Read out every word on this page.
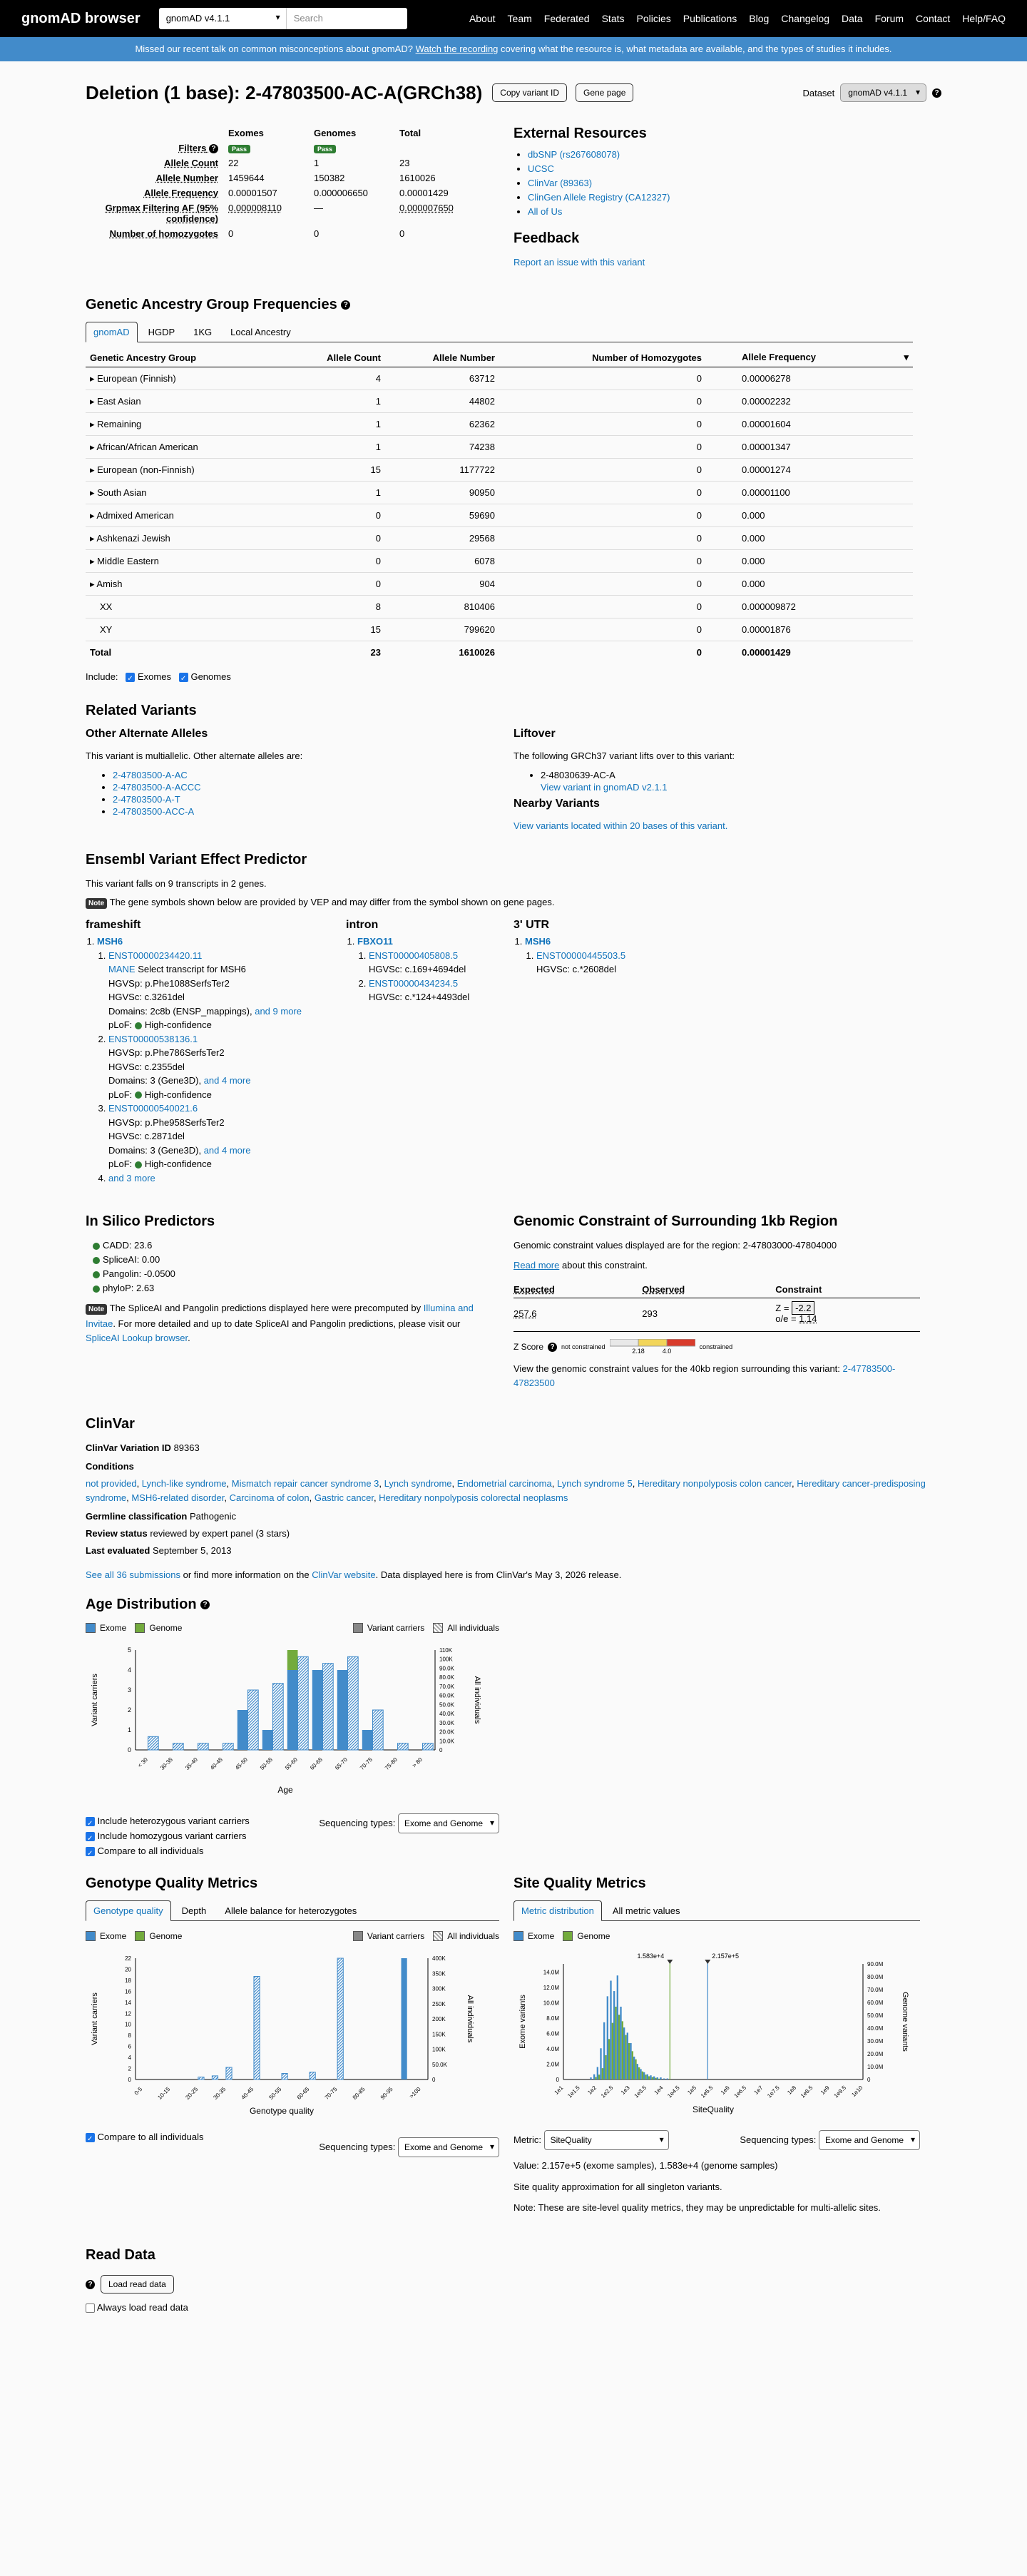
gnomAD browser	gnomAD v4.1.1 ▾	Search	About Team Federated Stats Policies Publications Blog Changelog Data Forum Contact Help/FAQ
Missed our recent talk on common misconceptions about gnomAD? Watch the recording covering what the resource is, what metadata are available, and the types of studies it includes.
Deletion (1 base): 2-47803500-AC-A(GRCh38)	Copy variant ID	Gene page	Dataset	gnomAD v4.1.1 ▾	?
	Exomes	Genomes	Total
Filters ?	Pass	Pass	
Allele Count	22	1	23
Allele Number	1459644	150382	1610026
Allele Frequency	0.00001507	0.000006650	0.00001429
Grpmax Filtering AF (95% confidence)	0.000008110	—	0.000007650
Number of homozygotes	0	0	0
External Resources
• dbSNP (rs267608078)
• UCSC
• ClinVar (89363)
• ClinGen Allele Registry (CA12327)
• All of Us
Feedback
Report an issue with this variant
Genetic Ancestry Group Frequencies ?
gnomAD	HGDP	1KG	Local Ancestry
Genetic Ancestry Group	Allele Count	Allele Number	Number of Homozygotes	Allele Frequency ▾

▸ European (Finnish)	4	63712	0	0.00006278
▸ East Asian	1	44802	0	0.00002232
▸ Remaining	1	62362	0	0.00001604
▸ African/African American	1	74238	0	0.00001347
▸ European (non-Finnish)	15	1177722	0	0.00001274
▸ South Asian	1	90950	0	0.00001100
▸ Admixed American	0	59690	0	0.000
▸ Ashkenazi Jewish	0	29568	0	0.000
▸ Middle Eastern	0	6078	0	0.000
▸ Amish	0	904	0	0.000
XX	8	810406	0	0.000009872
XY	15	799620	0	0.00001876
Total	23	1610026	0	0.00001429
Include: ✓ Exomes ✓ Genomes
Related Variants
Other Alternate Alleles
This variant is multiallelic. Other alternate alleles are:
• 2-47803500-A-AC
• 2-47803500-A-ACCC
• 2-47803500-A-T
• 2-47803500-ACC-A
Liftover
The following GRCh37 variant lifts over to this variant:
• 2-48030639-AC-A
View variant in gnomAD v2.1.1
Nearby Variants
View variants located within 20 bases of this variant.
Ensembl Variant Effect Predictor
This variant falls on 9 transcripts in 2 genes.
Note The gene symbols shown below are provided by VEP and may differ from the symbol shown on gene pages.
frameshift
1. MSH6
1. ENST00000234420.11
MANE Select transcript for MSH6
HGVSp: p.Phe1088SerfsTer2
HGVSc: c.3261del
Domains: 2c8b (ENSP_mappings), and 9 more
pLoF: High-confidence
2. ENST00000538136.1
HGVSp: p.Phe786SerfsTer2
HGVSc: c.2355del
Domains: 3 (Gene3D), and 4 more
pLoF: High-confidence
3. ENST00000540021.6
HGVSp: p.Phe958SerfsTer2
HGVSc: c.2871del
Domains: 3 (Gene3D), and 4 more
pLoF: High-confidence
4. and 3 more
intron
1. FBXO11
1. ENST00000405808.5
HGVSc: c.169+4694del
2. ENST00000434234.5
HGVSc: c.*124+4493del
3' UTR
1. MSH6
1. ENST00000445503.5
HGVSc: c.*2608del
In Silico Predictors
CADD: 23.6
SpliceAI: 0.00
Pangolin: -0.0500
phyloP: 2.63
Note The SpliceAI and Pangolin predictions displayed here were precomputed by Illumina and Invitae. For more detailed and up to date SpliceAI and Pangolin predictions, please visit our SpliceAI Lookup browser.
Genomic Constraint of Surrounding 1kb Region
Genomic constraint values displayed are for the region: 2-47803000-47804000
Read more about this constraint.
Expected	Observed	Constraint
257.6	293	Z = -2.2
o/e = 1.14
Z Score ?	not constrained
2.18	4.0
constrained
View the genomic constraint values for the 40kb region surrounding this variant: 2-47783500-47823500
ClinVar
ClinVar Variation ID 89363
Conditions
not provided, Lynch-like syndrome, Mismatch repair cancer syndrome 3, Lynch syndrome, Endometrial carcinoma, Lynch syndrome 5, Hereditary nonpolyposis colon cancer, Hereditary cancer-predisposing syndrome, MSH6-related disorder, Carcinoma of colon, Gastric cancer, Hereditary nonpolyposis colorectal neoplasms
Germline classification Pathogenic
Review status reviewed by expert panel (3 stars)
Last evaluated September 5, 2013
See all 36 submissions or find more information on the ClinVar website. Data displayed here is from ClinVar's May 3, 2026 release.
Age Distribution ?
Exome	Genome	Variant carriers	All individuals
0
1
2
3
4
5
0
10.0K
20.0K
30.0K
40.0K
50.0K
60.0K
70.0K
80.0K
90.0K
100K
110K
< 30 30-35 35-40 40-45 45-50 50-55 55-60 60-65 65-70 70-75 75-80 > 80
Variant carriers	All individuals
Age
✓ Include heterozygous variant carriers
✓ Include homozygous variant carriers
✓ Compare to all individuals
Sequencing types: Exome and Genome ▾
Genotype Quality Metrics
Genotype quality	Depth	Allele balance for heterozygotes
Exome	Genome	Variant carriers	All individuals
0
2
4
6
8
10
12
14
16
18
20
22
0
50.0K
100K
150K
200K
250K
300K
350K
400K
0-5 10-15 20-25 30-35 40-45 50-55 60-65 70-75 80-85 90-95 >100
Variant carriers	All individuals
Genotype quality
✓ Compare to all individuals
Sequencing types: Exome and Genome ▾
Site Quality Metrics
Metric distribution	All metric values
Exome	Genome
0
2.0M
4.0M
6.0M
8.0M
10.0M
12.0M
14.0M
0
10.0M
20.0M
30.0M
40.0M
50.0M
60.0M
70.0M
80.0M
90.0M
1e1 1e1.5 1e2 1e2.5 1e3 1e3.5 1e4 1e4.5 1e5 1e5.5 1e6 1e6.5 1e7 1e7.5 1e8 1e8.5 1e9 1e9.5 1e10
1.583e+4	2.157e+5
Exome variants	Genome variants
SiteQuality
Metric: SiteQuality ▾	Sequencing types: Exome and Genome ▾
Value: 2.157e+5 (exome samples), 1.583e+4 (genome samples)
Site quality approximation for all singleton variants.
Note: These are site-level quality metrics, they may be unpredictable for multi-allelic sites.
Read Data
?	Load read data
Always load read data
